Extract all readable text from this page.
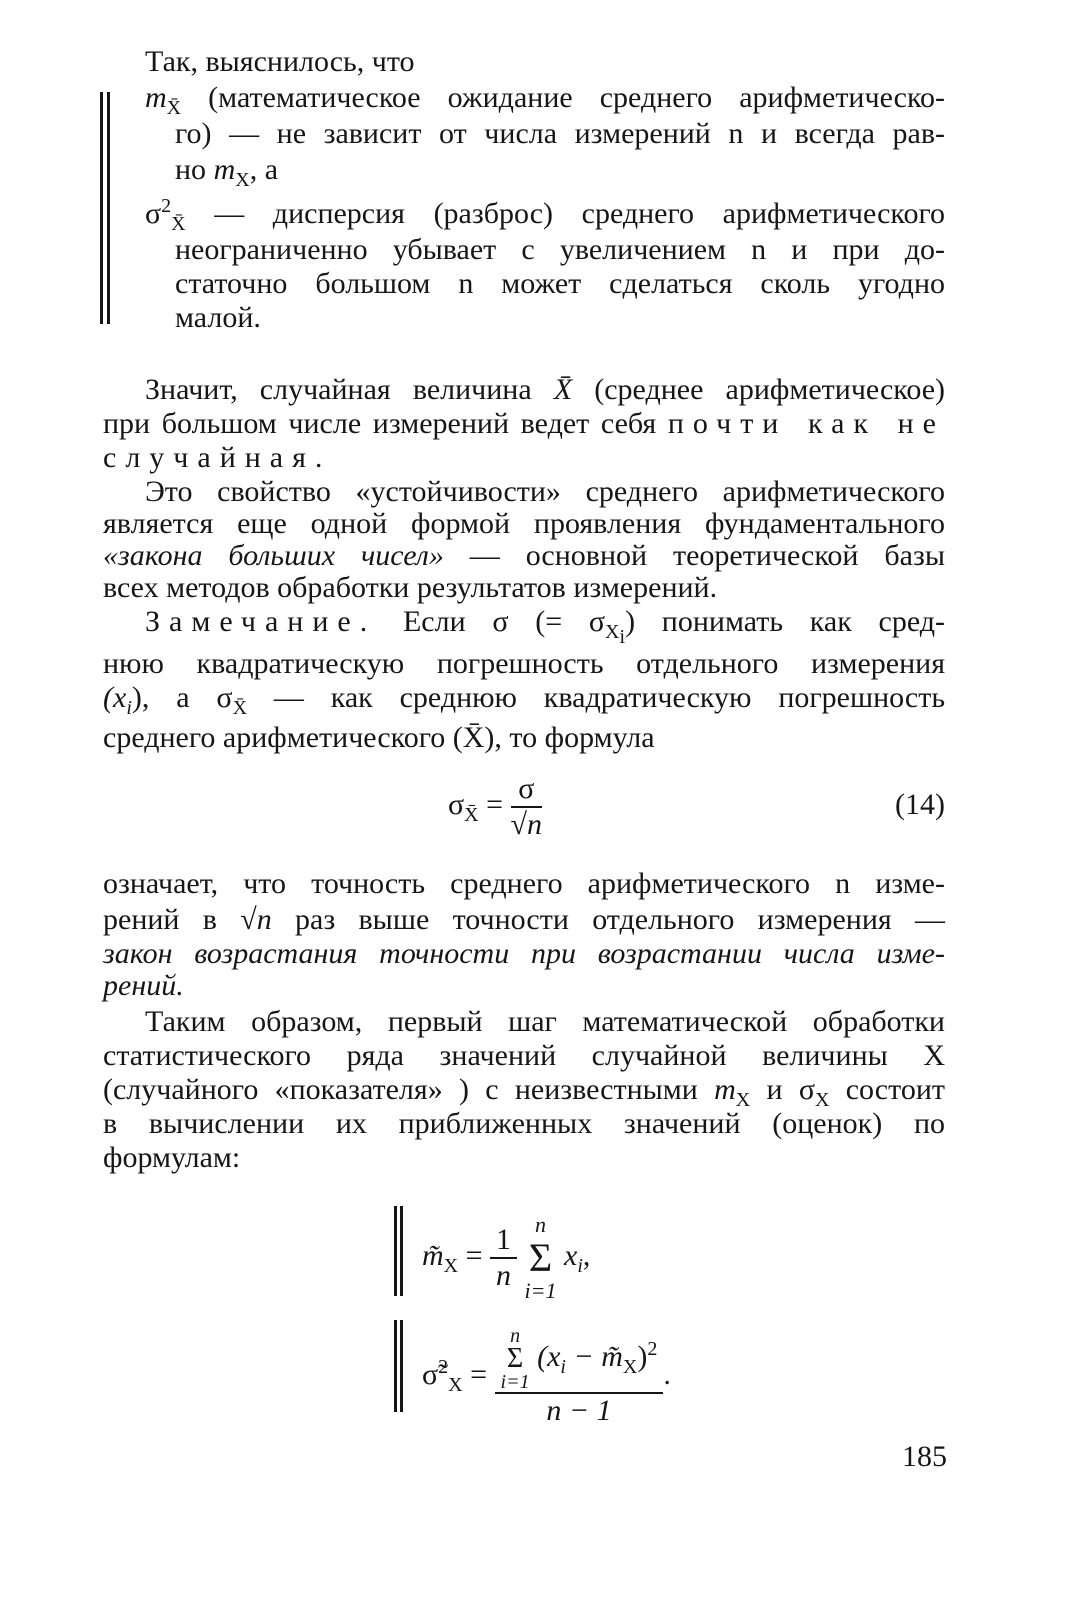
Так, выяснилось, что
$m_{X̄}$ (математическое ожидание среднего арифметическо-
го) — не зависит от числа измерений n и всегда рав-
но $m_X$, а
$\sigma^2_{X̄}$ — дисперсия (разброс) среднего арифметического
неограниченно убывает с увеличением n и при до-
статочно большом n может сделаться сколь угодно
малой.
Значит, случайная величина X̄ (среднее арифметическое)
при большом числе измерений ведет себя почти как не
случайная.
Это свойство «устойчивости» среднего арифметического
является еще одной формой проявления фундаментального
«закона больших чисел» — основной теоретической базы
всех методов обработки результатов измерений.
Замечание. Если σ (= $\sigma_{X_i}$) понимать как сред-
нюю квадратическую погрешность отдельного измерения
$(x_i)$, а $\sigma_{X̄}$ — как среднюю квадратическую погрешность
среднего арифметического (X̄), то формула
$\sigma_{X̄} = \frac{\sigma}{√n}$	(14)
означает, что точность среднего арифметического n изме-
рений в √n раз выше точности отдельного измерения —
закон возрастания точности при возрастании числа изме-
рений.
Таким образом, первый шаг математической обработки
статистического ряда значений случайной величины X
(случайного «показателя» ) с неизвестными $m_X$ и $\sigma_X$ состоит
в вычислении их приближенных значений (оценок) по
формулам:
$m̃_X = \frac{1}{n}$
n
Σ
i=1
$x_i$,
σ̃$^2_X$ = n
Σ
i=1
($x_i$ − $m̃_X)^2$
n − 1 .
185
